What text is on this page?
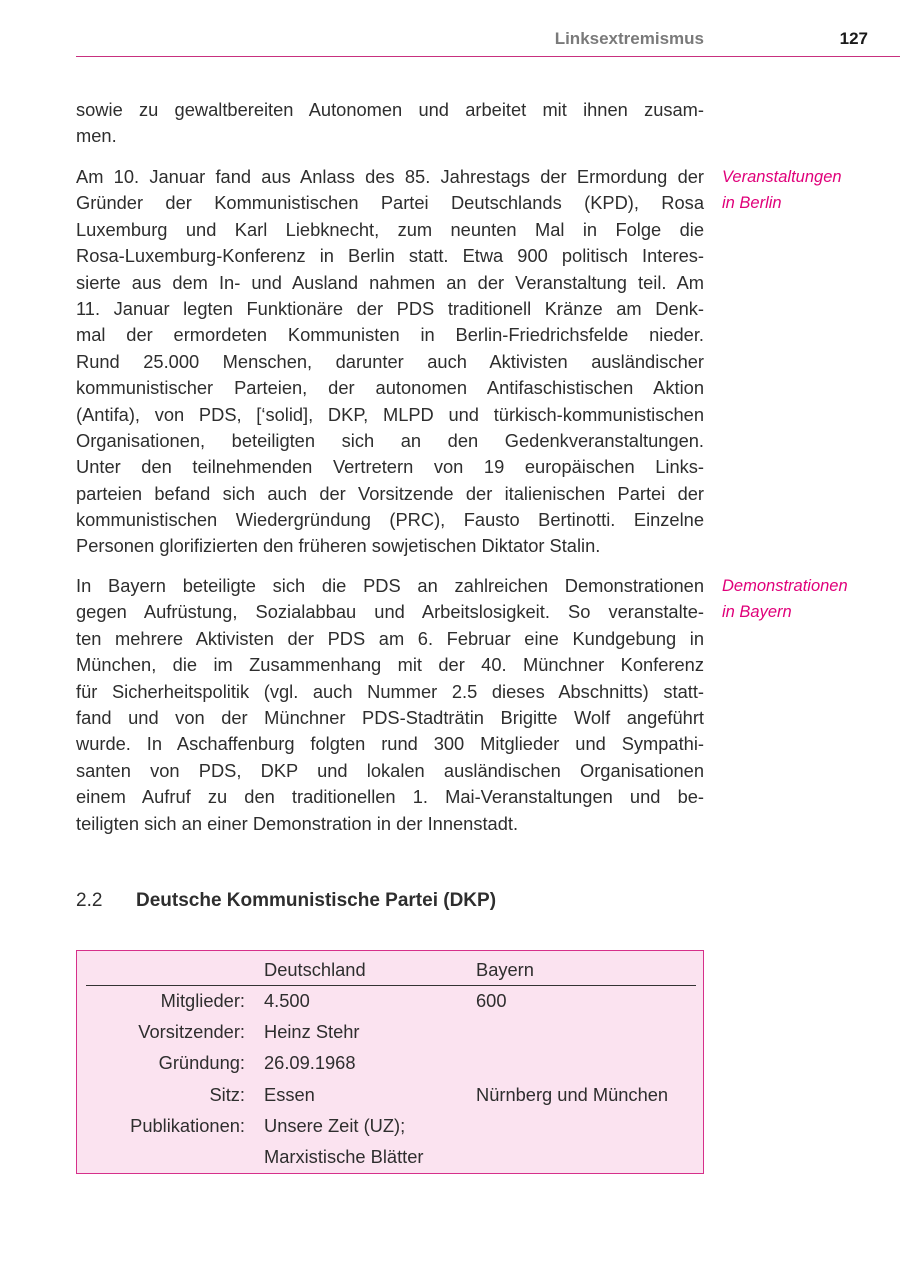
Linksextremismus	127
sowie zu gewaltbereiten Autonomen und arbeitet mit ihnen zusam-
men.
Am 10. Januar fand aus Anlass des 85. Jahrestags der Ermordung der
Gründer der Kommunistischen Partei Deutschlands (KPD), Rosa
Luxemburg und Karl Liebknecht, zum neunten Mal in Folge die
Rosa-Luxemburg-Konferenz in Berlin statt. Etwa 900 politisch Interes-
sierte aus dem In- und Ausland nahmen an der Veranstaltung teil. Am
11. Januar legten Funktionäre der PDS traditionell Kränze am Denk-
mal der ermordeten Kommunisten in Berlin-Friedrichsfelde nieder.
Rund 25.000 Menschen, darunter auch Aktivisten ausländischer
kommunistischer Parteien, der autonomen Antifaschistischen Aktion
(Antifa), von PDS, [‘solid], DKP, MLPD und türkisch-kommunistischen
Organisationen, beteiligten sich an den Gedenkveranstaltungen.
Unter den teilnehmenden Vertretern von 19 europäischen Links-
parteien befand sich auch der Vorsitzende der italienischen Partei der
kommunistischen Wiedergründung (PRC), Fausto Bertinotti. Einzelne
Personen glorifizierten den früheren sowjetischen Diktator Stalin.
Veranstaltungen
in Berlin
In Bayern beteiligte sich die PDS an zahlreichen Demonstrationen
gegen Aufrüstung, Sozialabbau und Arbeitslosigkeit. So veranstalte-
ten mehrere Aktivisten der PDS am 6. Februar eine Kundgebung in
München, die im Zusammenhang mit der 40. Münchner Konferenz
für Sicherheitspolitik (vgl. auch Nummer 2.5 dieses Abschnitts) statt-
fand und von der Münchner PDS-Stadträtin Brigitte Wolf angeführt
wurde. In Aschaffenburg folgten rund 300 Mitglieder und Sympathi-
santen von PDS, DKP und lokalen ausländischen Organisationen
einem Aufruf zu den traditionellen 1. Mai-Veranstaltungen und be-
teiligten sich an einer Demonstration in der Innenstadt.
Demonstrationen
in Bayern
2.2 Deutsche Kommunistische Partei (DKP)
Deutschland	Bayern
Mitglieder: 4.500	600
Vorsitzender: Heinz Stehr
Gründung: 26.09.1968
Sitz: Essen	Nürnberg und München
Publikationen: Unsere Zeit (UZ);
Marxistische Blätter
